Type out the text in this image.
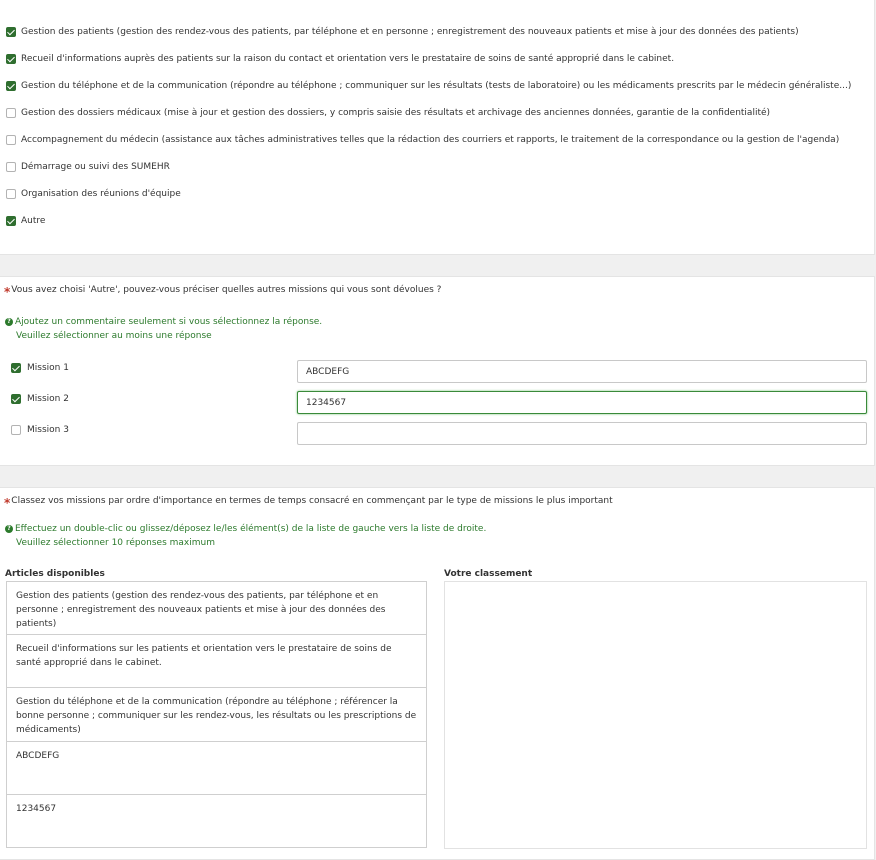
Gestion des patients (gestion des rendez-vous des patients, par téléphone et en personne ; enregistrement des nouveaux patients et mise à jour des données des patients)
Recueil d'informations auprès des patients sur la raison du contact et orientation vers le prestataire de soins de santé approprié dans le cabinet.
Gestion du téléphone et de la communication (répondre au téléphone ; communiquer sur les résultats (tests de laboratoire) ou les médicaments prescrits par le médecin généraliste...)
Gestion des dossiers médicaux (mise à jour et gestion des dossiers, y compris saisie des résultats et archivage des anciennes données, garantie de la confidentialité)
Accompagnement du médecin (assistance aux tâches administratives telles que la rédaction des courriers et rapports, le traitement de la correspondance ou la gestion de l'agenda)
Démarrage ou suivi des SUMEHR
Organisation des réunions d'équipe
Autre
*Vous avez choisi 'Autre', pouvez-vous préciser quelles autres missions qui vous sont dévolues ?
? Ajoutez un commentaire seulement si vous sélectionnez la réponse.
Veuillez sélectionner au moins une réponse
Mission 1
ABCDEFG
Mission 2
1234567
Mission 3
*Classez vos missions par ordre d'importance en termes de temps consacré en commençant par le type de missions le plus important
? Effectuez un double-clic ou glissez/déposez le/les élément(s) de la liste de gauche vers la liste de droite.
Veuillez sélectionner 10 réponses maximum
Articles disponibles	Votre classement
Gestion des patients (gestion des rendez-vous des patients, par téléphone et en personne ; enregistrement des nouveaux patients et mise à jour des données des patients)
Recueil d'informations sur les patients et orientation vers le prestataire de soins de santé approprié dans le cabinet.
Gestion du téléphone et de la communication (répondre au téléphone ; référencer la bonne personne ; communiquer sur les rendez-vous, les résultats ou les prescriptions de médicaments)
ABCDEFG
1234567
